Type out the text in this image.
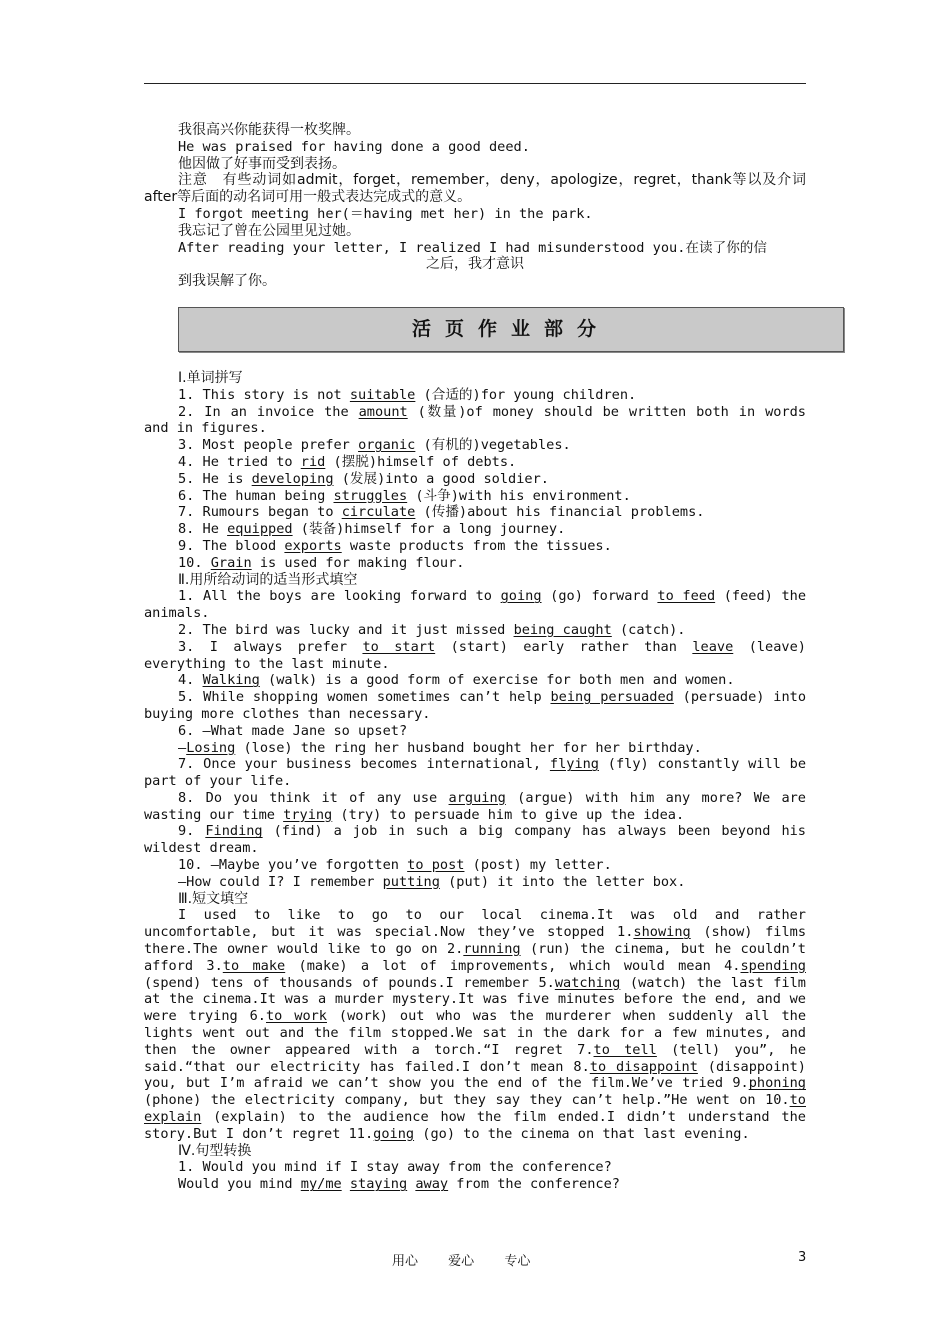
我很高兴你能获得一枚奖牌。

He was praised for having done a good deed.

他因做了好事而受到表扬。

注意　有些动词如admit，forget，remember，deny，apologize，regret，thank等以及介词after等后面的动名词可用一般式表达完成式的意义。

I forgot meeting her(＝having met her) in the park.

我忘记了曾在公园里见过她。

After reading your letter, I realized I had misunderstood you.在读了你的信

之后，我才意识

到我误解了你。

活页作业部分

Ⅰ.单词拼写

1. This story is not suitable (合适的)for young children.

2. In an invoice the amount (数量)of money should be written both in words and in figures.

3. Most people prefer organic (有机的)vegetables.

4. He tried to rid (摆脱)himself of debts.

5. He is developing (发展)into a good soldier.

6. The human being struggles (斗争)with his environment.

7. Rumours began to circulate (传播)about his financial problems.

8. He equipped (装备)himself for a long journey.

9. The blood exports waste products from the tissues.

10. Grain is used for making flour.

Ⅱ.用所给动词的适当形式填空

1. All the boys are looking forward to going (go) forward to feed (feed) the animals.

2. The bird was lucky and it just missed being caught (catch).

3. I always prefer to start (start) early rather than leave (leave) everything to the last minute.

4. Walking (walk) is a good form of exercise for both men and women.

5. While shopping women sometimes can’t help being persuaded (persuade) into buying more clothes than necessary.

6. —What made Jane so upset?

—Losing (lose) the ring her husband bought her for her birthday.

7. Once your business becomes international, flying (fly) constantly will be part of your life.

8. Do you think it of any use arguing (argue) with him any more? We are wasting our time trying (try) to persuade him to give up the idea.

9. Finding (find) a job in such a big company has always been beyond his wildest dream.

10. —Maybe you’ve forgotten to post (post) my letter.

—How could I? I remember putting (put) it into the letter box.

Ⅲ.短文填空

I used to like to go to our local cinema.It was old and rather uncomfortable, but it was special.Now they’ve stopped 1.showing (show) films there.The owner would like to go on 2.running (run) the cinema, but he couldn’t afford 3.to make (make) a lot of improvements, which would mean 4.spending (spend) tens of thousands of pounds.I remember 5.watching (watch) the last film at the cinema.It was a murder mystery.It was five minutes before the end, and we were trying 6.to work (work) out who was the murderer when suddenly all the lights went out and the film stopped.We sat in the dark for a few minutes, and then the owner appeared with a torch.“I regret 7.to tell (tell) you”, he said.“that our electricity has failed.I don’t mean 8.to disappoint (disappoint) you, but I’m afraid we can’t show you the end of the film.We’ve tried 9.phoning (phone) the electricity company, but they say they can’t help.”He went on 10.to explain (explain) to the audience how the film ended.I didn’t understand the story.But I don’t regret 11.going (go) to the cinema on that last evening.

Ⅳ.句型转换

1. Would you mind if I stay away from the conference?

Would you mind my/me staying away from the conference?

用心 爱心 专心	3
